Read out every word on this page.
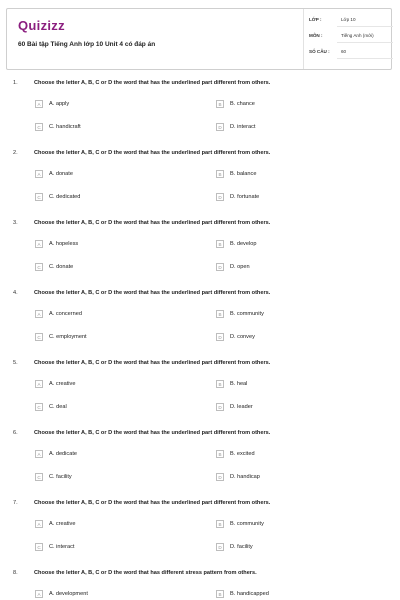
Quizizz
60 Bài tập Tiếng Anh lớp 10 Unit 4 có đáp án
LỚP :	Lớp 10
MÔN :	Tiếng Anh (mới)
SỐ CÂU : 60
1.	Choose the letter A, B, C or D the word that has the underlined part different from others.
A	A. apply	B	B. chance
C	C. handicraft	D	D. interact
2.	Choose the letter A, B, C or D the word that has the underlined part different from others.
A	A. donate	B	B. balance
C	C. dedicated	D	D. fortunate
3.	Choose the letter A, B, C or D the word that has the underlined part different from others.
A	A. hopeless	B	B. develop
C	C. donate	D	D. open
4.	Choose the letter A, B, C or D the word that has the underlined part different from others.
A	A. concerned	B	B. community
C	C. employment	D	D. convey
5.	Choose the letter A, B, C or D the word that has the underlined part different from others.
A	A. creative	B	B. heal
C	C. deal	D	D. leader
6.	Choose the letter A, B, C or D the word that has the underlined part different from others.
A	A. dedicate	B	B. excited
C	C. facility	D	D. handicap
7.	Choose the letter A, B, C or D the word that has the underlined part different from others.
A	A. creative	B	B. community
C	C. interact	D	D. facility
8.	Choose the letter A, B, C or D the word that has different stress pattern from others.
A	A. development	B	B. handicapped
